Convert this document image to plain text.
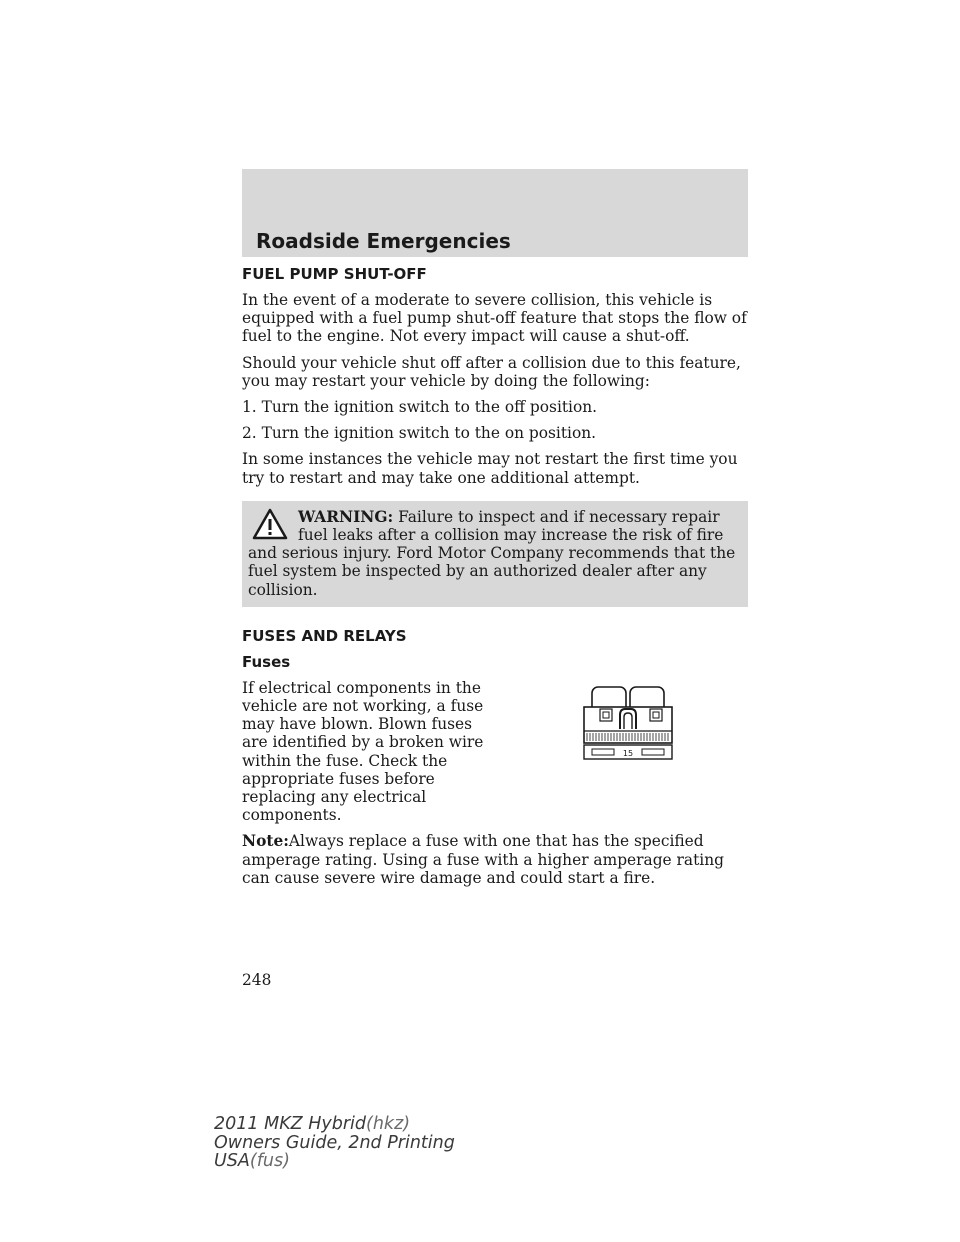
Roadside Emergencies
FUEL PUMP SHUT-OFF

In the event of a moderate to severe collision, this vehicle is equipped with a fuel pump shut-off feature that stops the flow of fuel to the engine. Not every impact will cause a shut-off.

Should your vehicle shut off after a collision due to this feature, you may restart your vehicle by doing the following:

1. Turn the ignition switch to the off position.

2. Turn the ignition switch to the on position.

In some instances the vehicle may not restart the first time you try to restart and may take one additional attempt.

WARNING: Failure to inspect and if necessary repair fuel leaks after a collision may increase the risk of fire and serious injury. Ford Motor Company recommends that the fuel system be inspected by an authorized dealer after any collision.
FUSES AND RELAYS
Fuses

If electrical components in the vehicle are not working, a fuse may have blown. Blown fuses are identified by a broken wire within the fuse. Check the appropriate fuses before replacing any electrical components.

15

Note:Always replace a fuse with one that has the specified amperage rating. Using a fuse with a higher amperage rating can cause severe wire damage and could start a fire.

248
2011 MKZ Hybrid(hkz)
Owners Guide, 2nd Printing
USA(fus)
